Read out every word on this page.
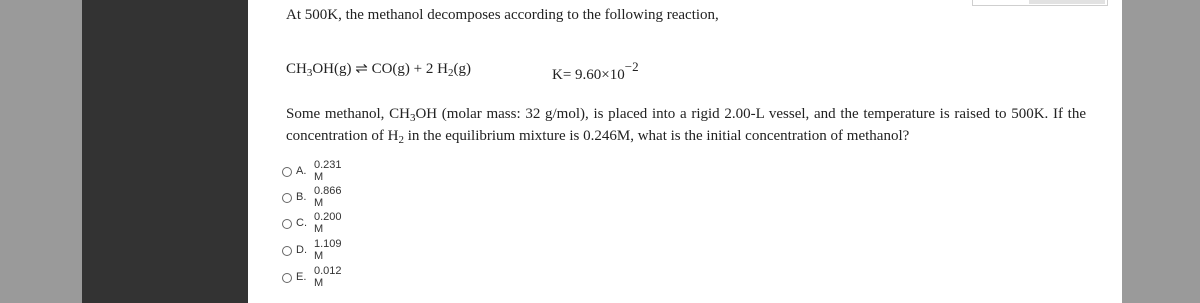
At 500K, the methanol decomposes according to the following reaction,
$CH_3OH(g)$ ⇌ CO(g) + 2 $H_2(g)$	$K= 9.60\times 10^{-2}$
Some methanol, $CH_3OH$ (molar mass: 32 g/mol), is placed into a rigid 2.00-L vessel, and the temperature is raised to 500K. If the
concentration of $H_2$ in the equilibrium mixture is 0.246M, what is the initial concentration of methanol?
A. 0.231 M
B. 0.866 M
C. 0.200 M
D. 1.109 M
E. 0.012 M
